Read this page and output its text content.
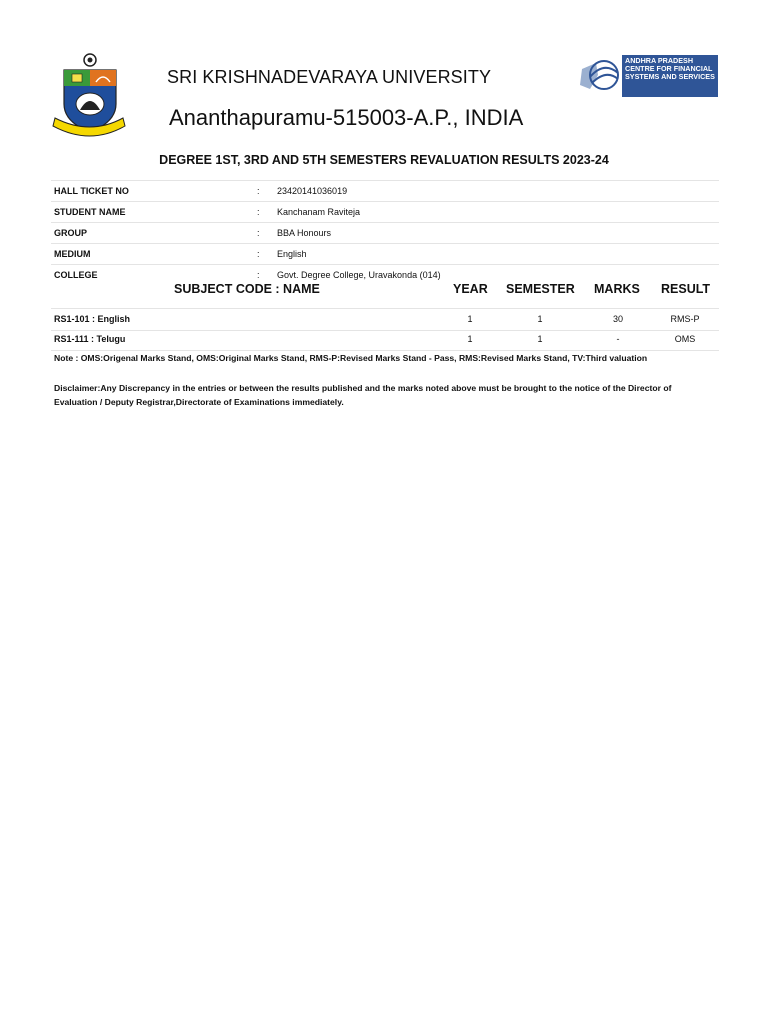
ANDHRA PRADESH CENTRE FOR FINANCIAL SYSTEMS AND SERVICES
SRI KRISHNADEVARAYA UNIVERSITY
Ananthapuramu-515003-A.P., INDIA
DEGREE 1ST, 3RD AND 5TH SEMESTERS REVALUATION RESULTS 2023-24
HALL TICKET NO	: 23420141036019
STUDENT NAME	: Kanchanam Raviteja
GROUP	: BBA Honours
MEDIUM	: English
COLLEGE	: Govt. Degree College, Uravakonda (014)
SUBJECT CODE : NAME	YEAR SEMESTER MARKS RESULT
RS1-101 : English	1	1	30	RMS-P
RS1-111 : Telugu	1	1	-	OMS
Note : OMS:Origenal Marks Stand, OMS:Original Marks Stand, RMS-P:Revised Marks Stand - Pass, RMS:Revised Marks Stand, TV:Third valuation
Disclaimer:Any Discrepancy in the entries or between the results published and the marks noted above must be brought to the notice of the Director of Evaluation / Deputy Registrar,Directorate of Examinations immediately.
